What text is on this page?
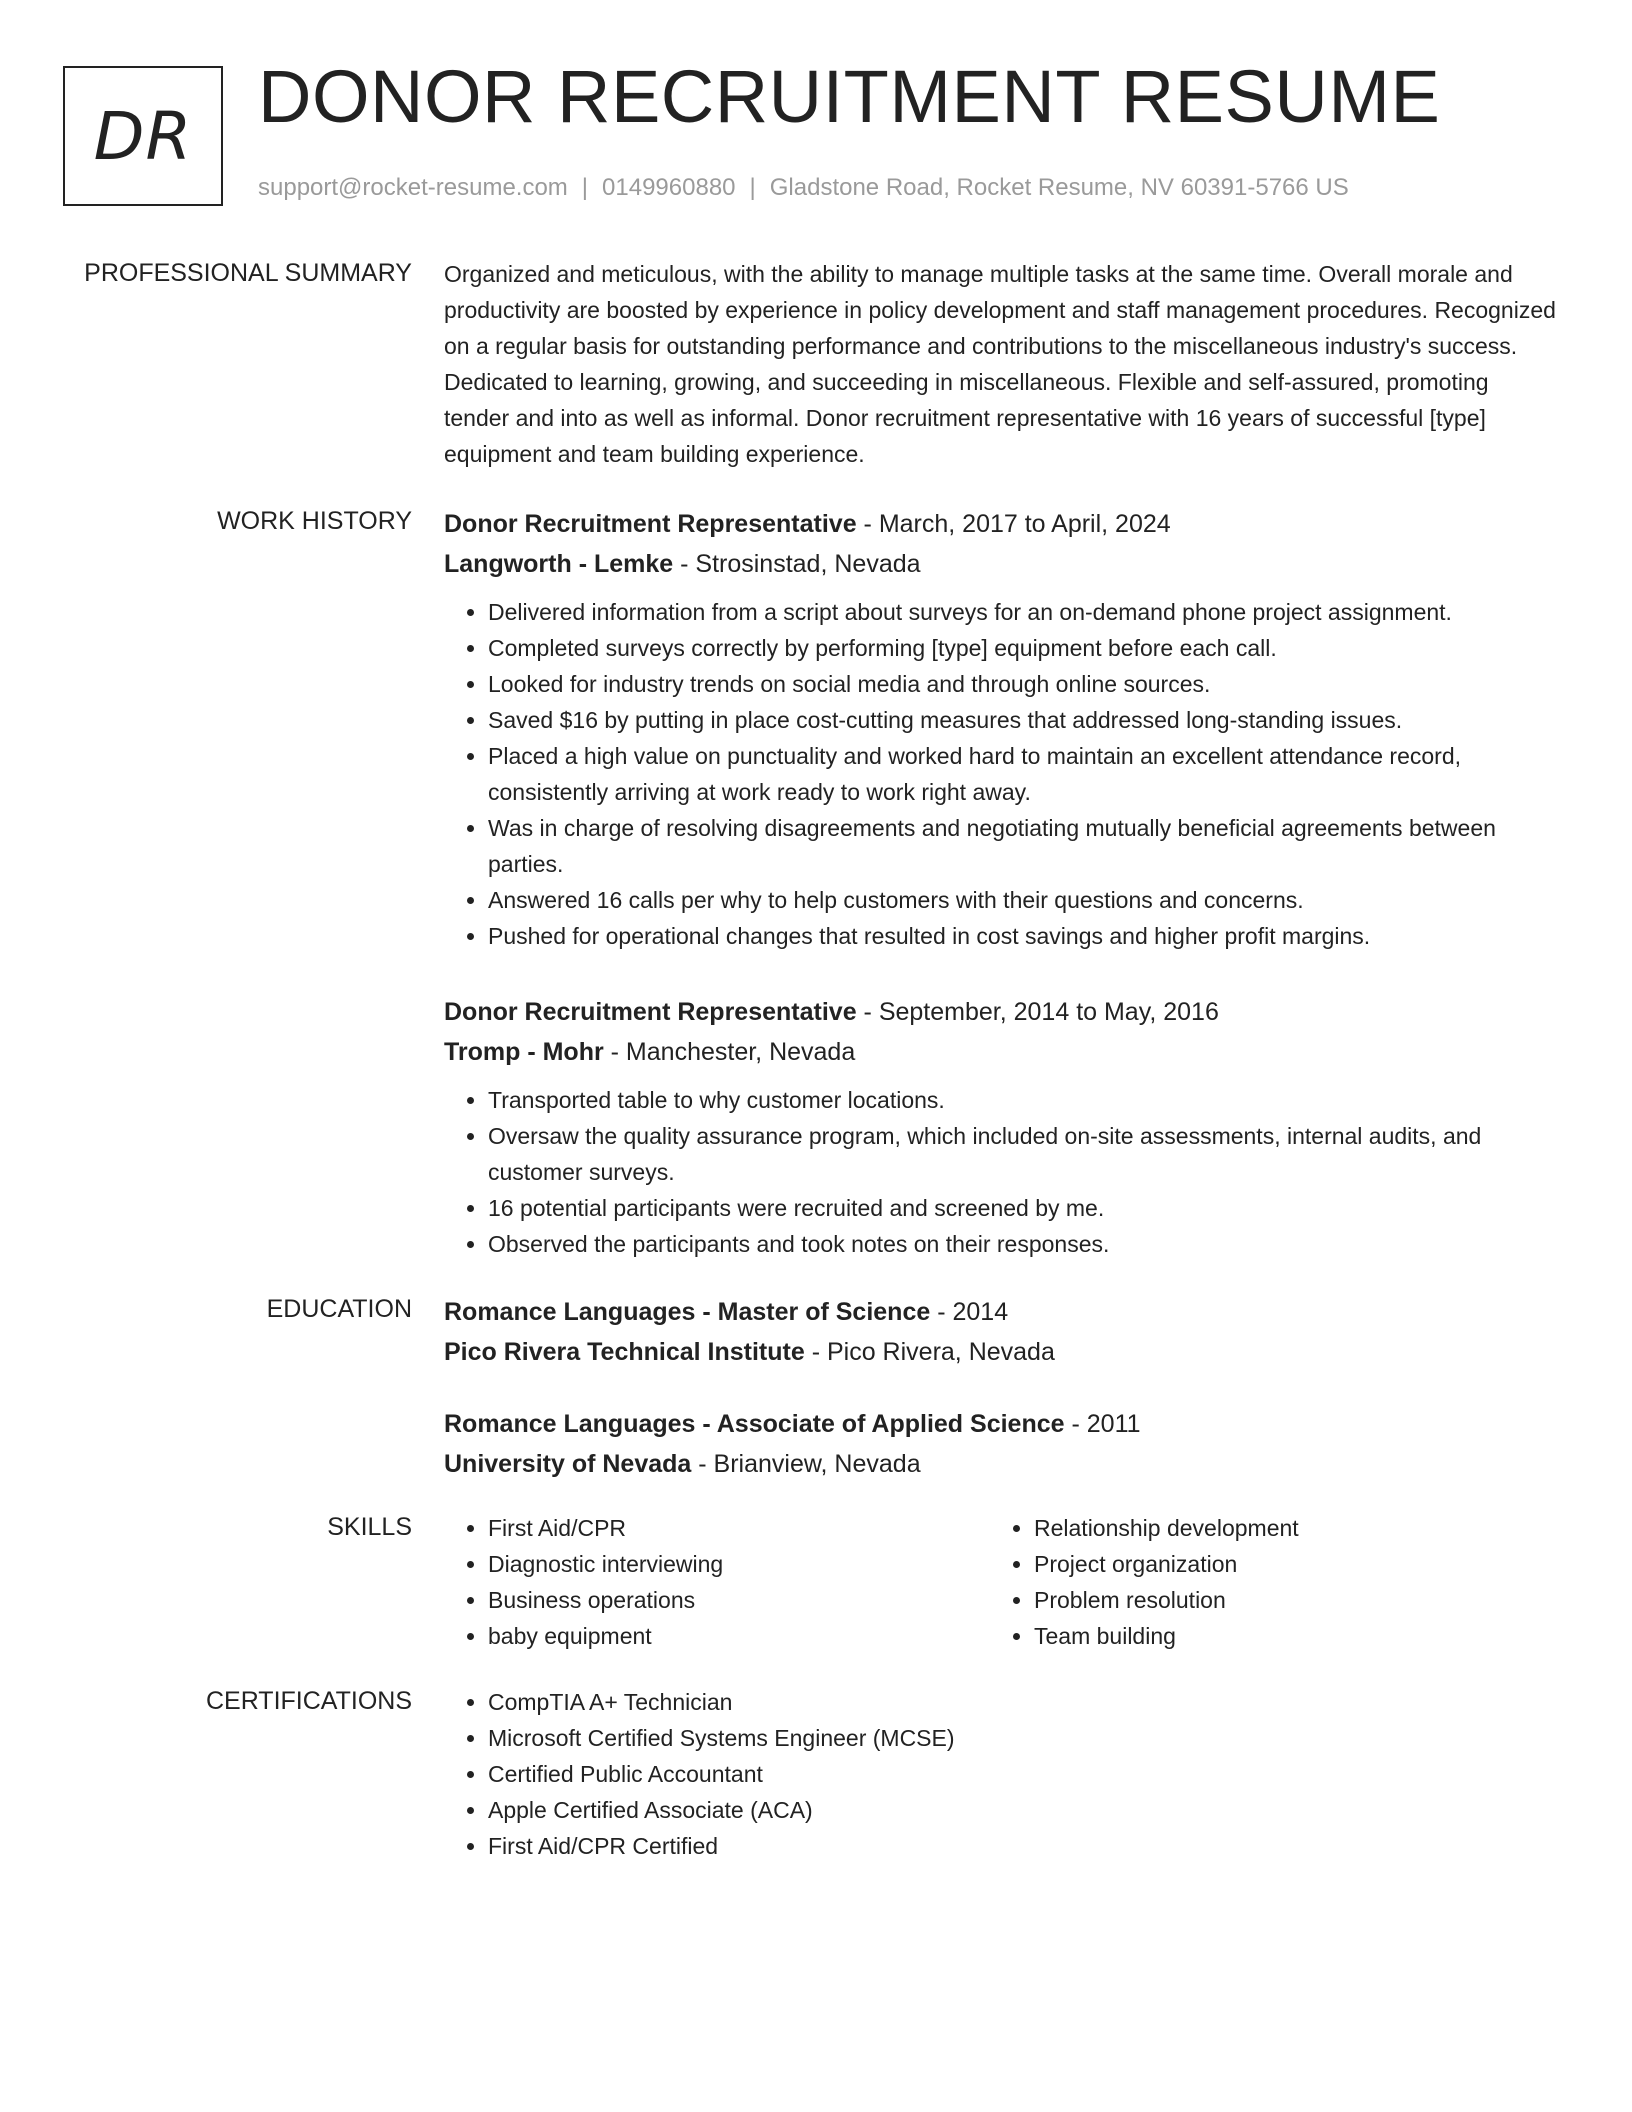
DR DONOR RECRUITMENT RESUME
support@rocket-resume.com | 0149960880 | Gladstone Road, Rocket Resume, NV 60391-5766 US
PROFESSIONAL SUMMARY Organized and meticulous, with the ability to manage multiple tasks at the same time. Overall morale and productivity are boosted by experience in policy development and staff management procedures. Recognized on a regular basis for outstanding performance and contributions to the miscellaneous industry's success. Dedicated to learning, growing, and succeeding in miscellaneous. Flexible and self-assured, promoting tender and into as well as informal. Donor recruitment representative with 16 years of successful [type] equipment and team building experience.

WORK HISTORY Donor Recruitment Representative - March, 2017 to April, 2024
Langworth - Lemke - Strosinstad, Nevada
• Delivered information from a script about surveys for an on-demand phone project assignment.
• Completed surveys correctly by performing [type] equipment before each call.
• Looked for industry trends on social media and through online sources.
• Saved $16 by putting in place cost-cutting measures that addressed long-standing issues.
• Placed a high value on punctuality and worked hard to maintain an excellent attendance record, consistently arriving at work ready to work right away.
• Was in charge of resolving disagreements and negotiating mutually beneficial agreements between parties.
• Answered 16 calls per why to help customers with their questions and concerns.
• Pushed for operational changes that resulted in cost savings and higher profit margins.
Donor Recruitment Representative - September, 2014 to May, 2016
Tromp - Mohr - Manchester, Nevada
• Transported table to why customer locations.
• Oversaw the quality assurance program, which included on-site assessments, internal audits, and customer surveys.
• 16 potential participants were recruited and screened by me.
• Observed the participants and took notes on their responses.
EDUCATION Romance Languages - Master of Science - 2014
Pico Rivera Technical Institute - Pico Rivera, Nevada
Romance Languages - Associate of Applied Science - 2011
University of Nevada - Brianview, Nevada
SKILLS	• First Aid/CPR
• Diagnostic interviewing
• Business operations
• baby equipment
• Relationship development
• Project organization
• Problem resolution
• Team building
CERTIFICATIONS	• CompTIA A+ Technician
• Microsoft Certified Systems Engineer (MCSE)
• Certified Public Accountant
• Apple Certified Associate (ACA)
• First Aid/CPR Certified
